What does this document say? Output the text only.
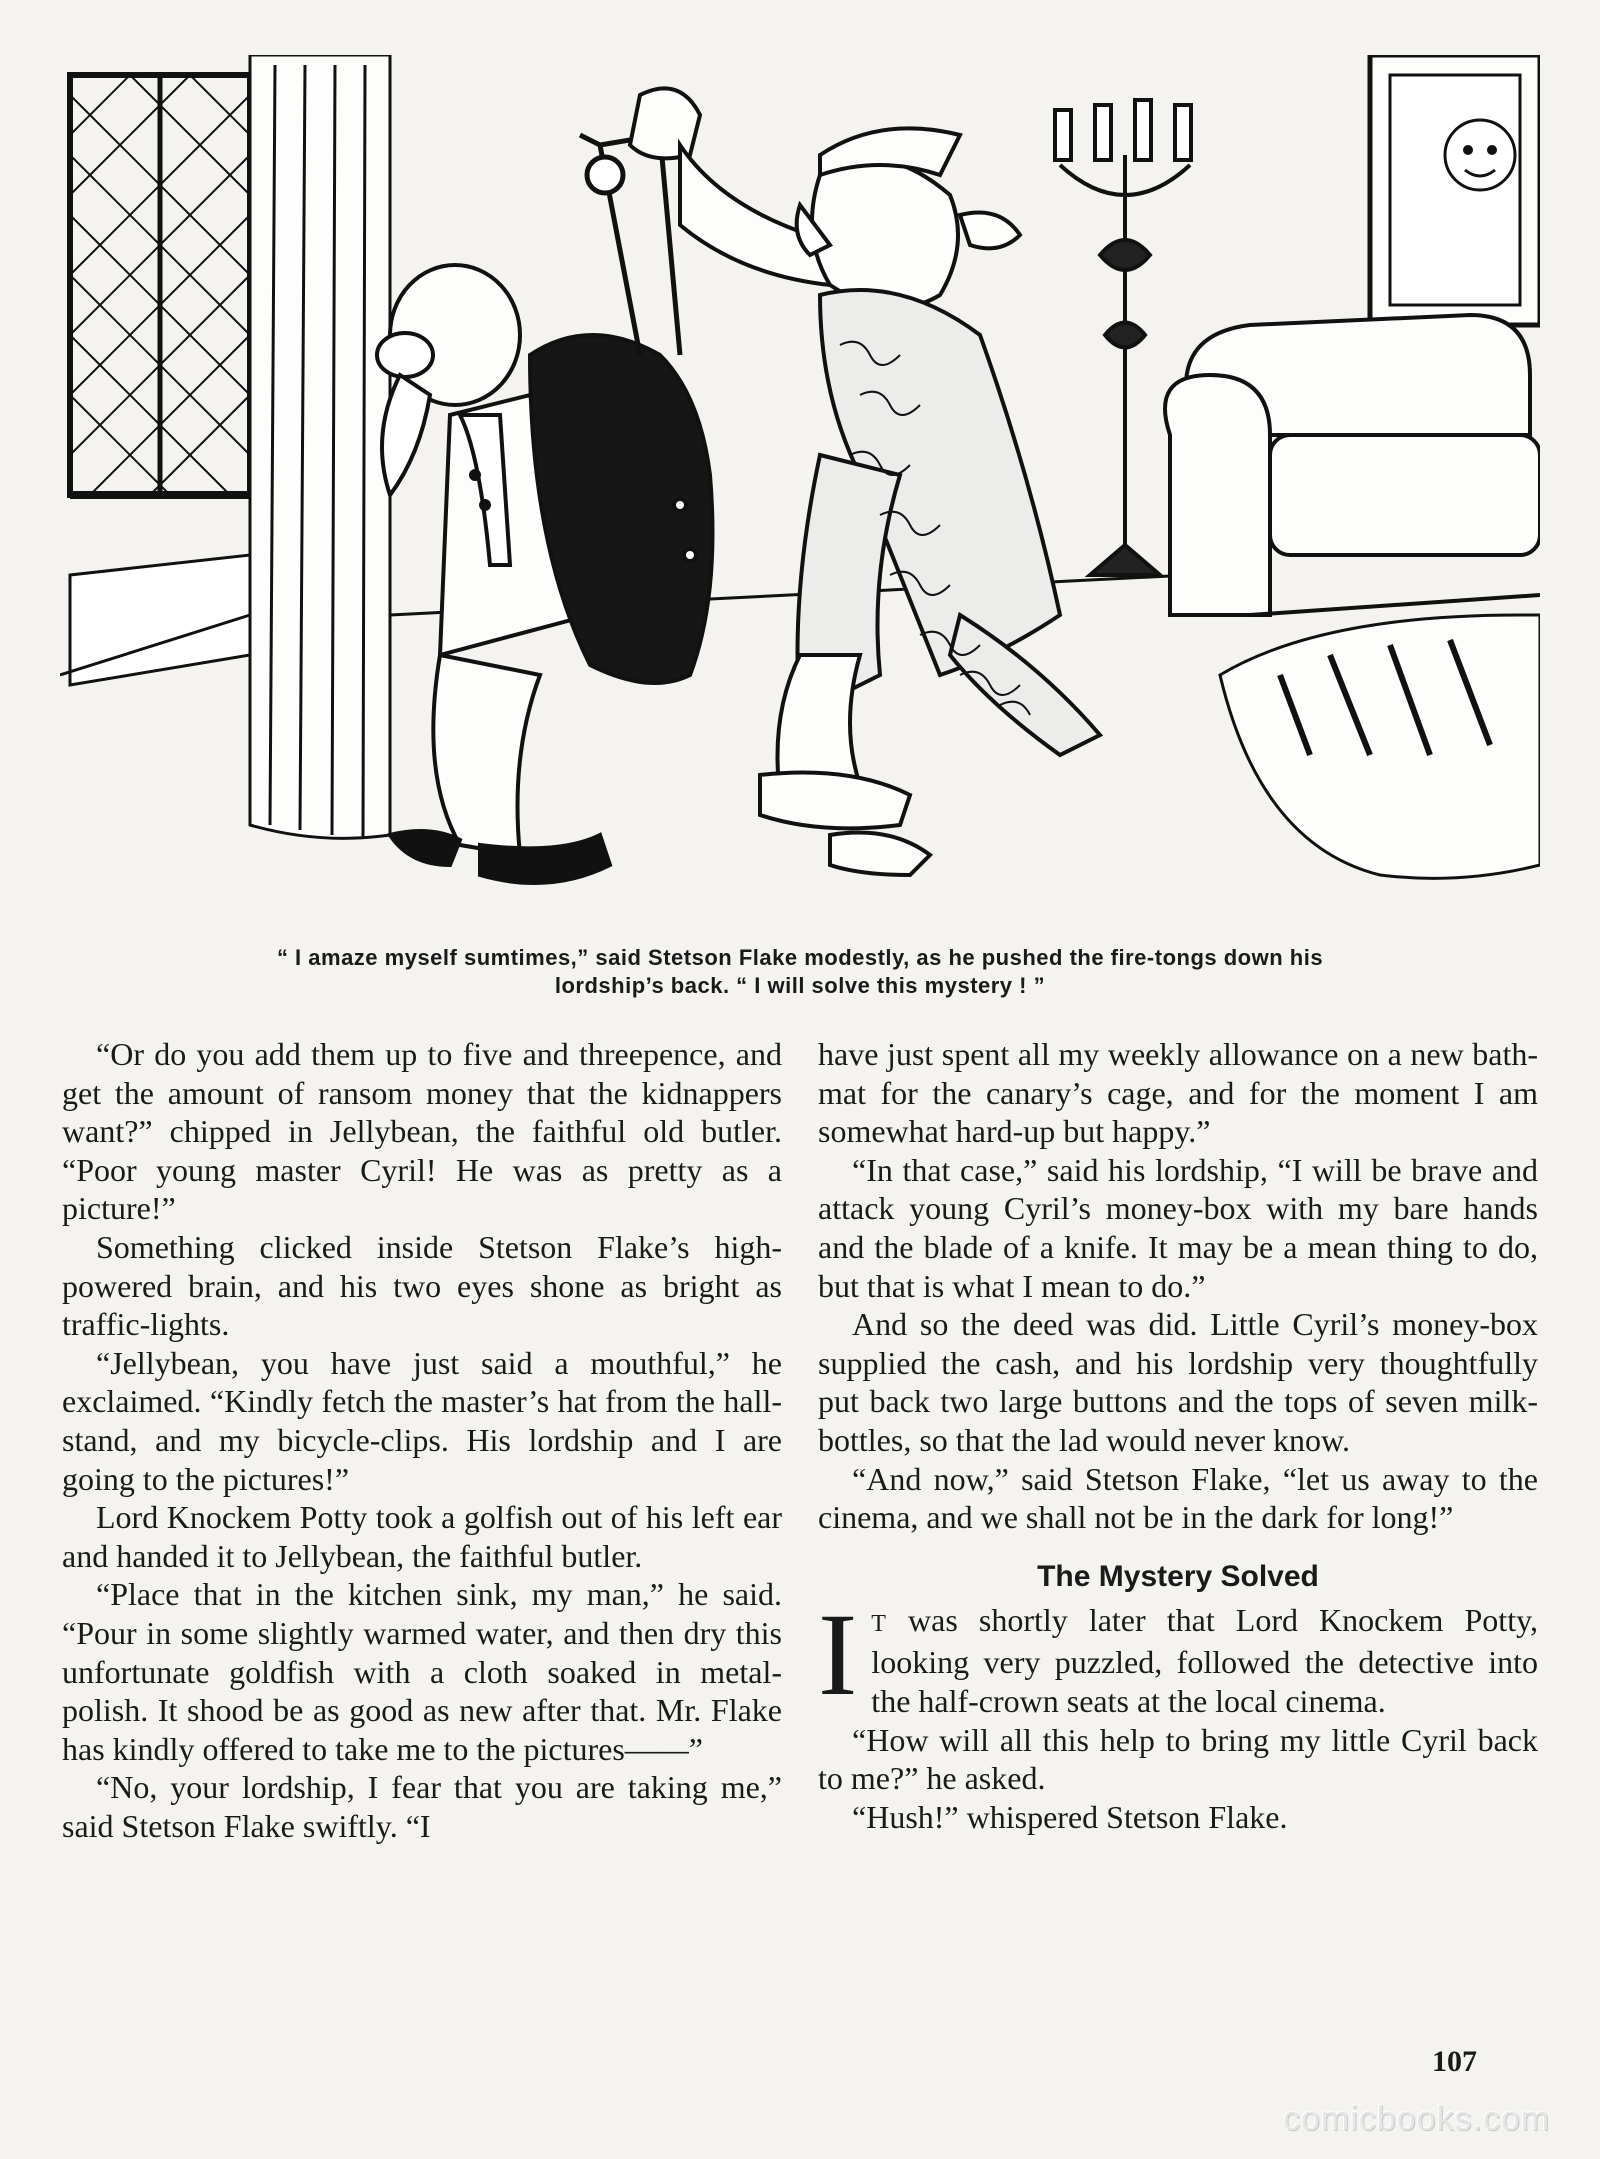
“ I amaze myself sumtimes,” said Stetson Flake modestly, as he pushed the fire-tongs down his
lordship’s back. “ I will solve this mystery ! ”

“Or do you add them up to five and threepence, and get the amount of ransom money that the kidnappers want?” chipped in Jellybean, the faithful old butler. “Poor young master Cyril! He was as pretty as a picture!”

Something clicked inside Stetson Flake’s high-powered brain, and his two eyes shone as bright as traffic-lights.

“Jellybean, you have just said a mouthful,” he exclaimed. “Kindly fetch the master’s hat from the hall-stand, and my bicycle-clips. His lordship and I are going to the pictures!”

Lord Knockem Potty took a golfish out of his left ear and handed it to Jellybean, the faithful butler.

“Place that in the kitchen sink, my man,” he said. “Pour in some slightly warmed water, and then dry this unfortunate goldfish with a cloth soaked in metal-polish. It shood be as good as new after that. Mr. Flake has kindly offered to take me to the pictures——”

“No, your lordship, I fear that you are taking me,” said Stetson Flake swiftly. “I

have just spent all my weekly allowance on a new bath-mat for the canary’s cage, and for the moment I am somewhat hard-up but happy.”

“In that case,” said his lordship, “I will be brave and attack young Cyril’s money-box with my bare hands and the blade of a knife. It may be a mean thing to do, but that is what I mean to do.”

And so the deed was did. Little Cyril’s money-box supplied the cash, and his lordship very thoughtfully put back two large buttons and the tops of seven milk-bottles, so that the lad would never know.

“And now,” said Stetson Flake, “let us away to the cinema, and we shall not be in the dark for long!”

The Mystery Solved

I T was shortly later that Lord Knockem Potty, looking very puzzled, followed the detective into the half-crown seats at the local cinema.

“How will all this help to bring my little Cyril back to me?” he asked.

“Hush!” whispered Stetson Flake.

107
comicbooks.com
